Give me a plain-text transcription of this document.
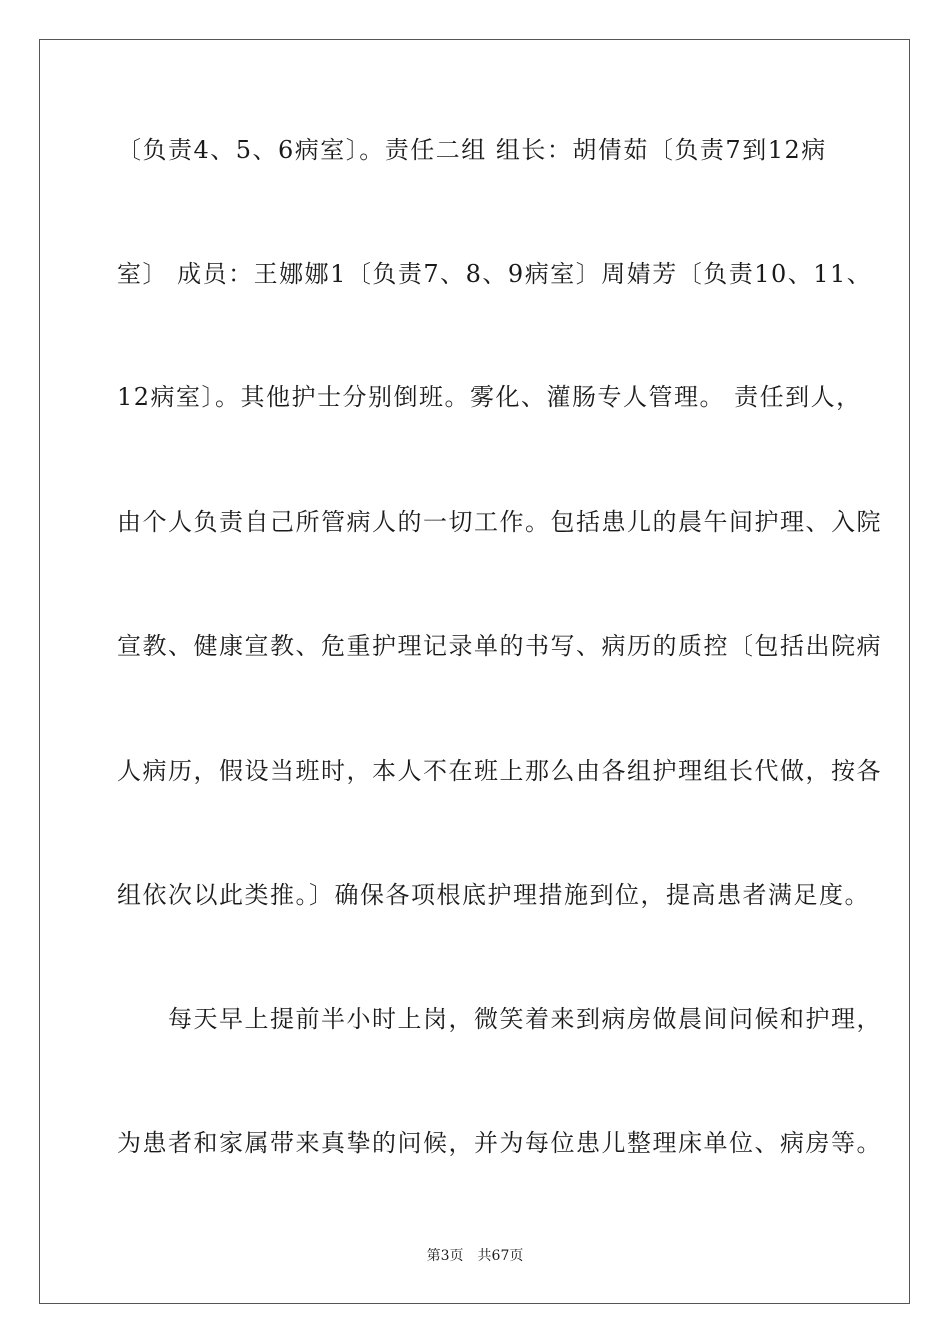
〔负责4、5、6病室〕。责任二组 组长：胡倩茹〔负责7到12病
室〕 成员：王娜娜1〔负责7、8、9病室〕周婧芳〔负责10、11、
12病室〕。其他护士分别倒班。雾化、灌肠专人管理。 责任到人，
由个人负责自己所管病人的一切工作。包括患儿的晨午间护理、入院
宣教、健康宣教、危重护理记录单的书写、病历的质控〔包括出院病
人病历，假设当班时，本人不在班上那么由各组护理组长代做，按各
组依次以此类推。〕确保各项根底护理措施到位，提高患者满足度。
　　每天早上提前半小时上岗，微笑着来到病房做晨间问候和护理，
为患者和家属带来真挚的问候，并为每位患儿整理床单位、病房等。
第3页 共67页
